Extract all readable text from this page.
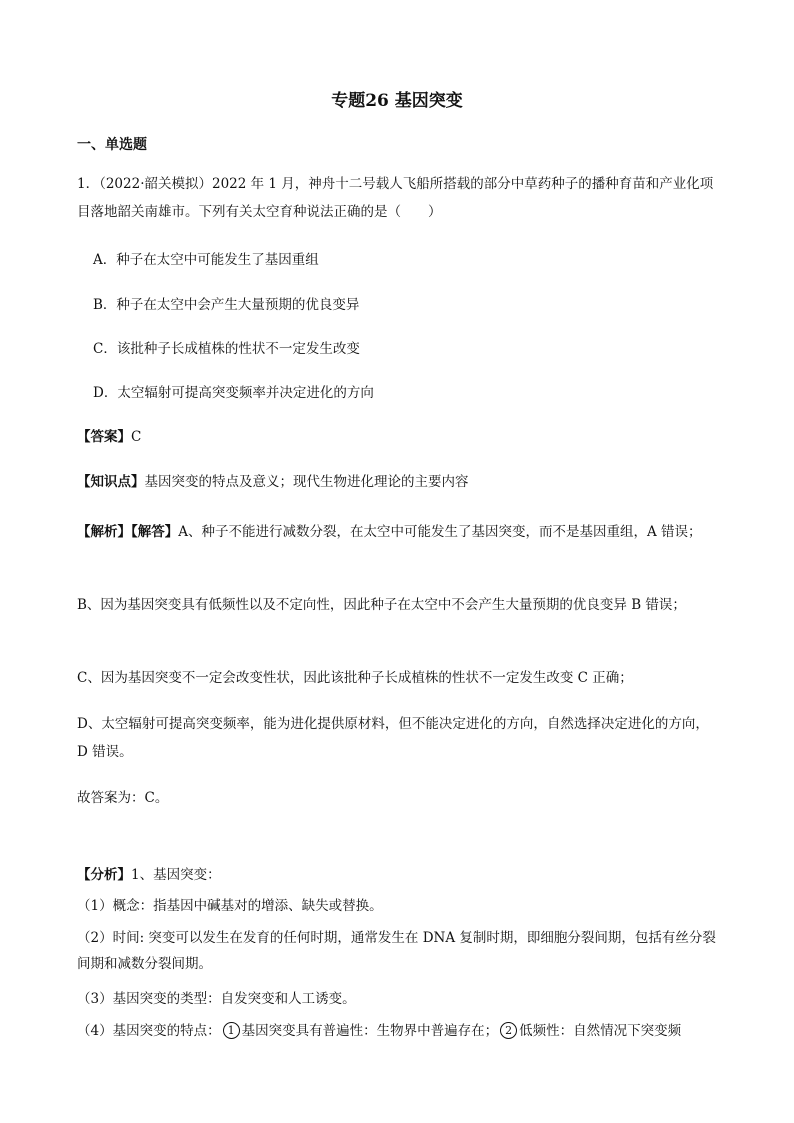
专题26 基因突变
一、单选题
1．（2022·韶关模拟）2022 年 1 月，神舟十二号载人飞船所搭载的部分中草药种子的播种育苗和产业化项目落地韶关南雄市。下列有关太空育种说法正确的是（　　）
A．种子在太空中可能发生了基因重组
B．种子在太空中会产生大量预期的优良变异
C．该批种子长成植株的性状不一定发生改变
D．太空辐射可提高突变频率并决定进化的方向
【答案】C
【知识点】基因突变的特点及意义；现代生物进化理论的主要内容
【解析】【解答】A、种子不能进行减数分裂，在太空中可能发生了基因突变，而不是基因重组，A 错误；
B、因为基因突变具有低频性以及不定向性，因此种子在太空中不会产生大量预期的优良变异 B 错误；
C、因为基因突变不一定会改变性状，因此该批种子长成植株的性状不一定发生改变 C 正确；
D、太空辐射可提高突变频率，能为进化提供原材料，但不能决定进化的方向，自然选择决定进化的方向，D 错误。
故答案为：C。
【分析】1、基因突变：
（1）概念：指基因中碱基对的增添、缺失或替换。
（2）时间: 突变可以发生在发育的任何时期，通常发生在 DNA 复制时期，即细胞分裂间期，包括有丝分裂间期和减数分裂间期。
（3）基因突变的类型：自发突变和人工诱变。
（4）基因突变的特点： 1 基因突变具有普遍性：生物界中普遍存在； 2 低频性：自然情况下突变频
